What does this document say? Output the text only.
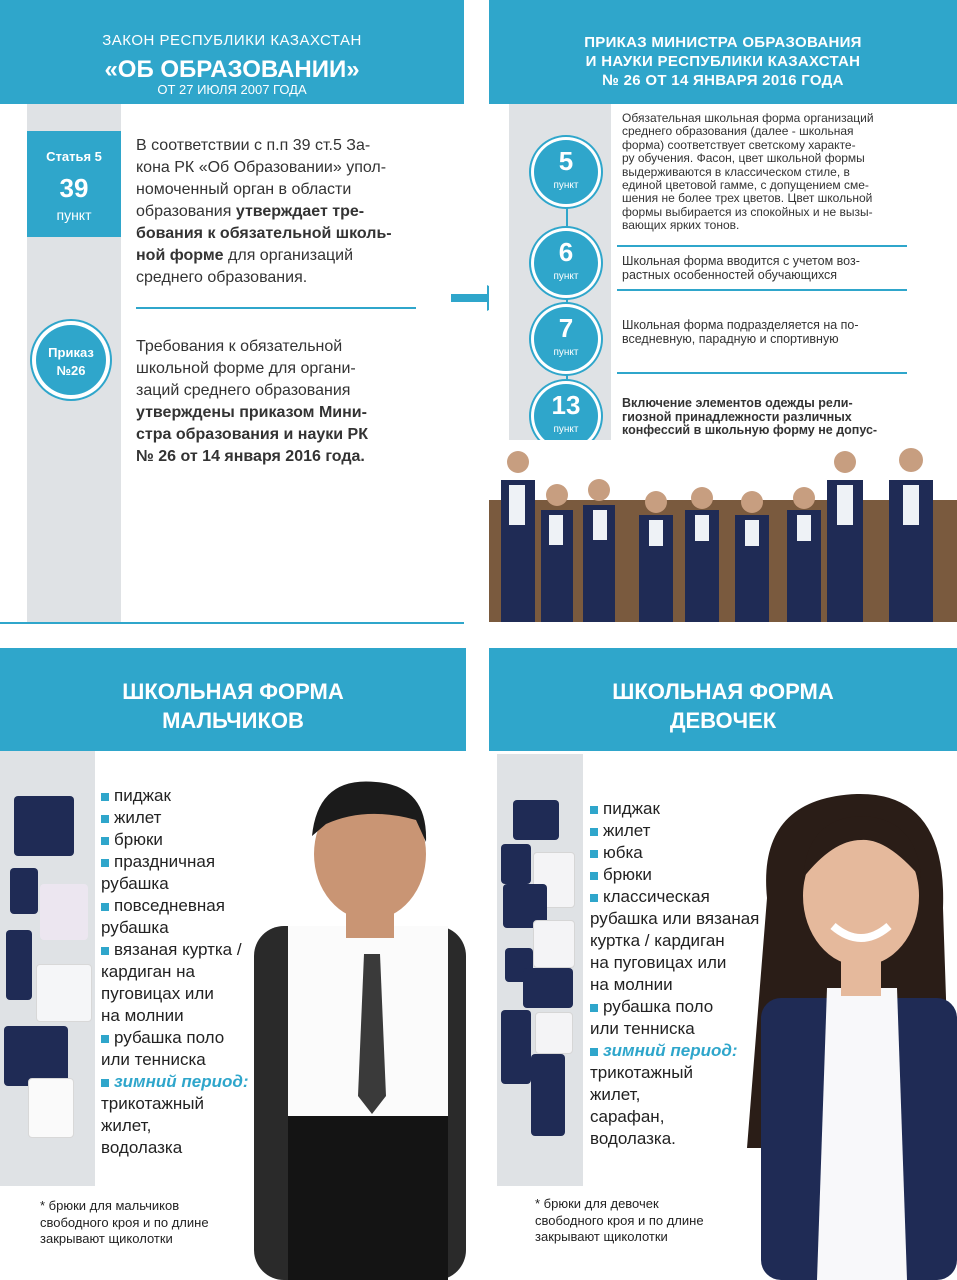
ЗАКОН РЕСПУБЛИКИ КАЗАХСТАН
«ОБ ОБРАЗОВАНИИ»
ОТ 27 ИЮЛЯ 2007 ГОДА
Статья 5
39
пункт
Приказ
№26
В соответствии с п.п 39 ст.5 За-
кона РК «Об Образовании» упол-
номоченный орган в области
образования утверждает тре-
бования к обязательной школь-
ной форме для организаций
среднего образования.
Требования к обязательной
школьной форме для органи-
заций среднего образования
утверждены приказом Мини-
стра образования и науки РК
№ 26 от 14 января 2016 года.
ПРИКАЗ МИНИСТРА ОБРАЗОВАНИЯ
И НАУКИ РЕСПУБЛИКИ КАЗАХСТАН
№ 26 ОТ 14 ЯНВАРЯ 2016 ГОДА
5
пункт
6
пункт
7
пункт
13
пункт
Обязательная школьная форма организаций
среднего образования (далее - школьная
форма) соответствует светскому характе-
ру обучения. Фасон, цвет школьной формы
выдерживаются в классическом стиле, в
единой цветовой гамме, с допущением сме-
шения не более трех цветов. Цвет школьной
формы выбирается из спокойных и не вызы-
вающих ярких тонов.
Школьная форма вводится с учетом воз-
растных особенностей обучающихся
Школьная форма подразделяется на по-
вседневную, парадную и спортивную
Включение элементов одежды рели-
гиозной принадлежности различных
конфессий в школьную форму не допус-
ШКОЛЬНАЯ ФОРМА
МАЛЬЧИКОВ
пиджак
жилет
брюки
праздничная
рубашка
повседневная
рубашка
вязаная куртка /
кардиган на
пуговицах или
на молнии
рубашка поло
или тенниска
зимний период:
трикотажный
жилет,
водолазка
* брюки для мальчиков
свободного кроя и по длине
закрывают щиколотки
ШКОЛЬНАЯ ФОРМА
ДЕВОЧЕК
пиджак
жилет
юбка
брюки
классическая
рубашка или вязаная
куртка / кардиган
на пуговицах или
на молнии
рубашка поло
или тенниска
зимний период:
трикотажный
жилет,
сарафан,
водолазка.
* брюки для девочек
свободного кроя и по длине
закрывают щиколотки
